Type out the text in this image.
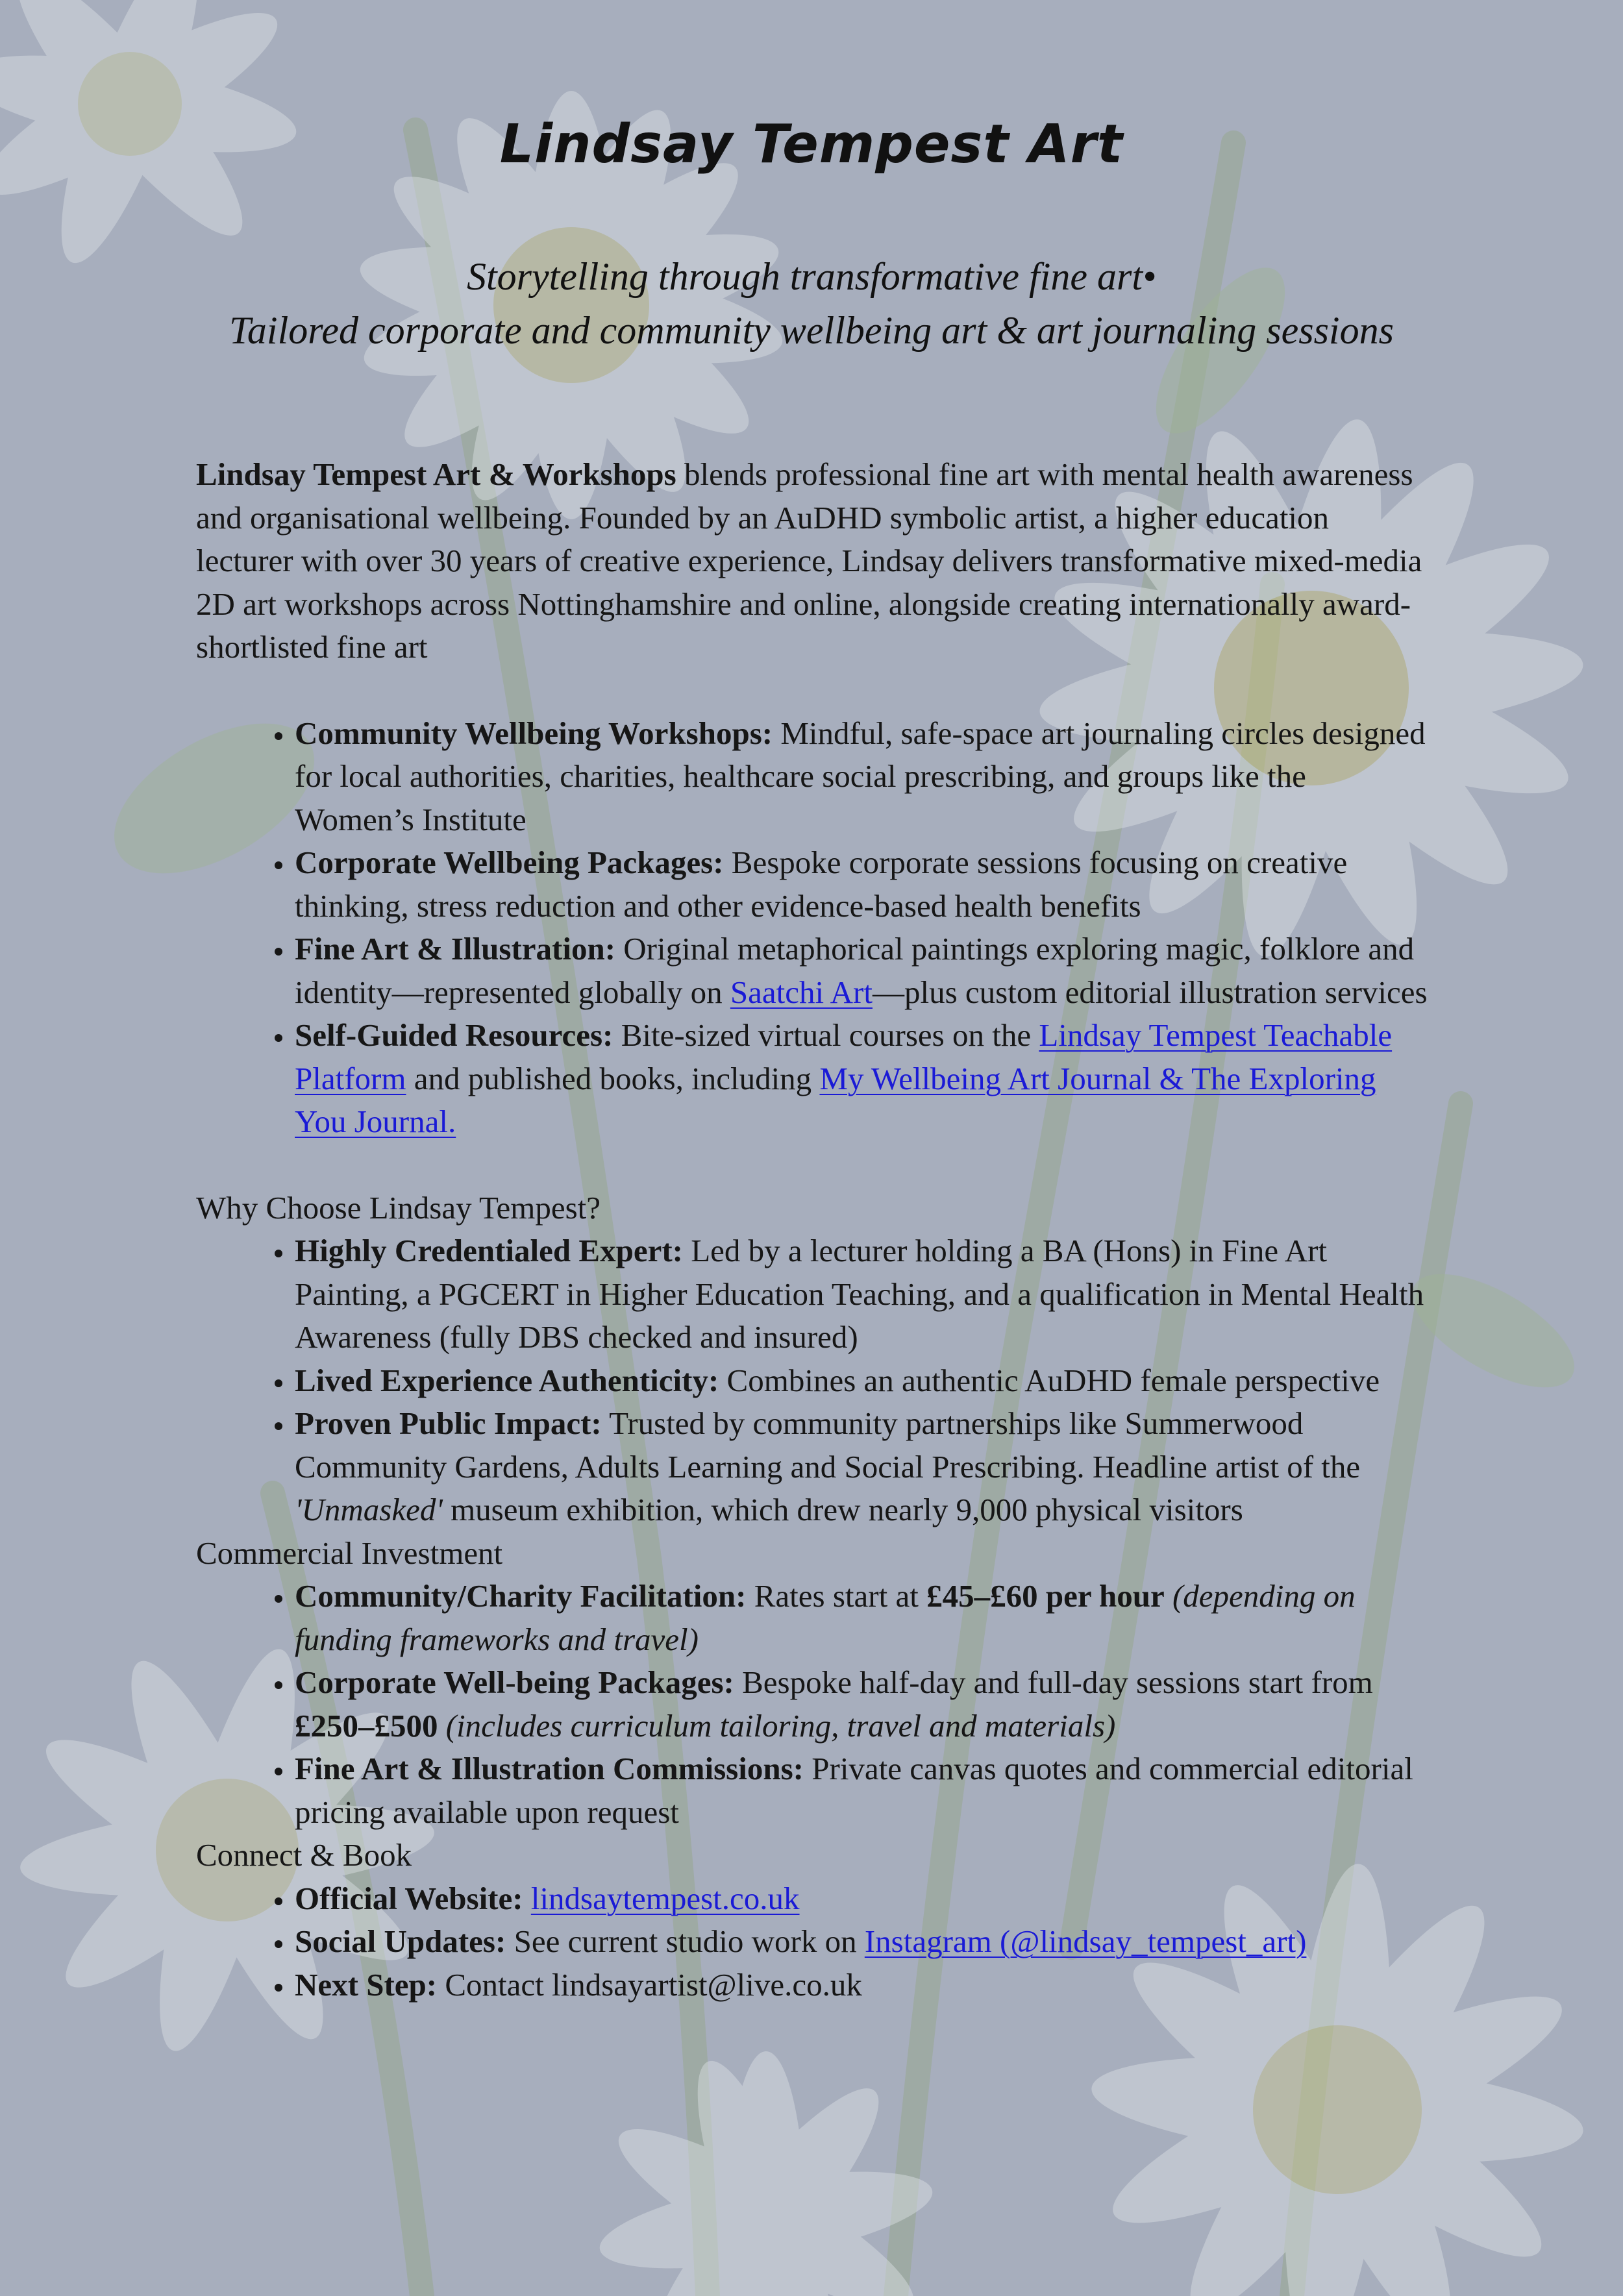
Lindsay Tempest Art
Storytelling through transformative fine art•
Tailored corporate and community wellbeing art & art journaling sessions

Lindsay Tempest Art & Workshops blends professional fine art with mental health awareness and organisational wellbeing. Founded by an AuDHD symbolic artist, a higher education lecturer with over 30 years of creative experience, Lindsay delivers transformative mixed-media 2D art workshops across Nottinghamshire and online, alongside creating internationally award-shortlisted fine art

• Community Wellbeing Workshops: Mindful, safe-space art journaling circles designed for local authorities, charities, healthcare social prescribing, and groups like the Women’s Institute
• Corporate Wellbeing Packages: Bespoke corporate sessions focusing on creative thinking, stress reduction and other evidence-based health benefits
• Fine Art & Illustration: Original metaphorical paintings exploring magic, folklore and identity—represented globally on Saatchi Art—plus custom editorial illustration services
• Self-Guided Resources: Bite-sized virtual courses on the Lindsay Tempest Teachable Platform and published books, including My Wellbeing Art Journal & The Exploring You Journal.

Why Choose Lindsay Tempest?

• Highly Credentialed Expert: Led by a lecturer holding a BA (Hons) in Fine Art Painting, a PGCERT in Higher Education Teaching, and a qualification in Mental Health Awareness (fully DBS checked and insured)
• Lived Experience Authenticity: Combines an authentic AuDHD female perspective
• Proven Public Impact: Trusted by community partnerships like Summerwood Community Gardens, Adults Learning and Social Prescribing. Headline artist of the 'Unmasked' museum exhibition, which drew nearly 9,000 physical visitors

Commercial Investment

• Community/Charity Facilitation: Rates start at £45–£60 per hour (depending on funding frameworks and travel)
• Corporate Well-being Packages: Bespoke half-day and full-day sessions start from £250–£500 (includes curriculum tailoring, travel and materials)
• Fine Art & Illustration Commissions: Private canvas quotes and commercial editorial pricing available upon request

Connect & Book

• Official Website: lindsaytempest.co.uk
• Social Updates: See current studio work on Instagram (@lindsay_tempest_art)
• Next Step: Contact lindsayartist@live.co.uk
